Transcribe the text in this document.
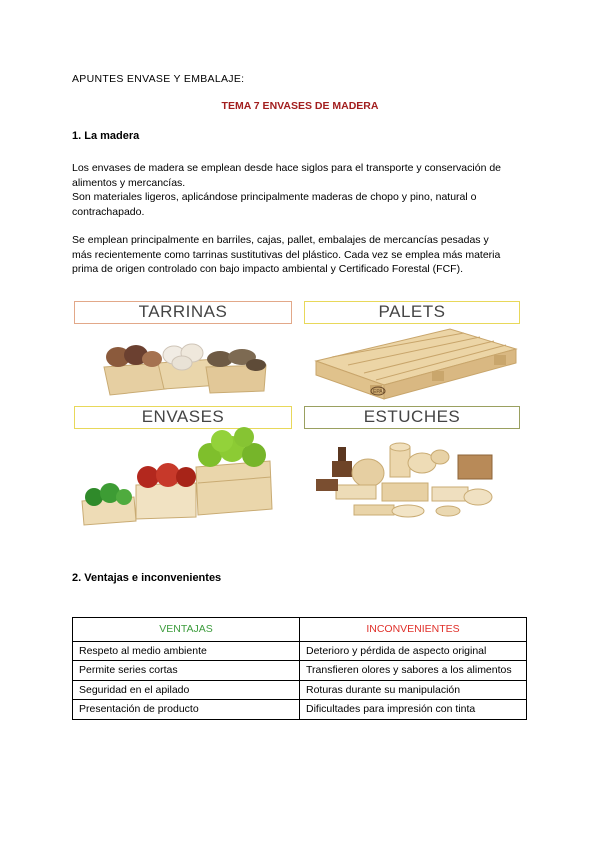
APUNTES ENVASE Y EMBALAJE:
TEMA 7 ENVASES DE MADERA
1. La madera
Los envases de madera se emplean desde hace siglos para el transporte y conservación de
alimentos y mercancías.
Son materiales ligeros, aplicándose principalmente maderas de chopo y pino, natural o
contrachapado.
Se emplean principalmente en barriles, cajas, pallet, embalajes de mercancías pesadas y
más recientemente como tarrinas sustitutivas del plástico. Cada vez se emplea más materia
prima de origen controlado con bajo impacto ambiental y Certificado Forestal (FCF).
TARRINAS	PALETS
ENVASES	ESTUCHES
EPAL
2. Ventajas e inconvenientes
VENTAJAS	INCONVENIENTES
Respeto al medio ambiente	Deterioro y pérdida de aspecto original
Permite series cortas	Transfieren olores y sabores a los alimentos
Seguridad en el apilado	Roturas durante su manipulación
Presentación de producto	Dificultades para impresión con tinta
